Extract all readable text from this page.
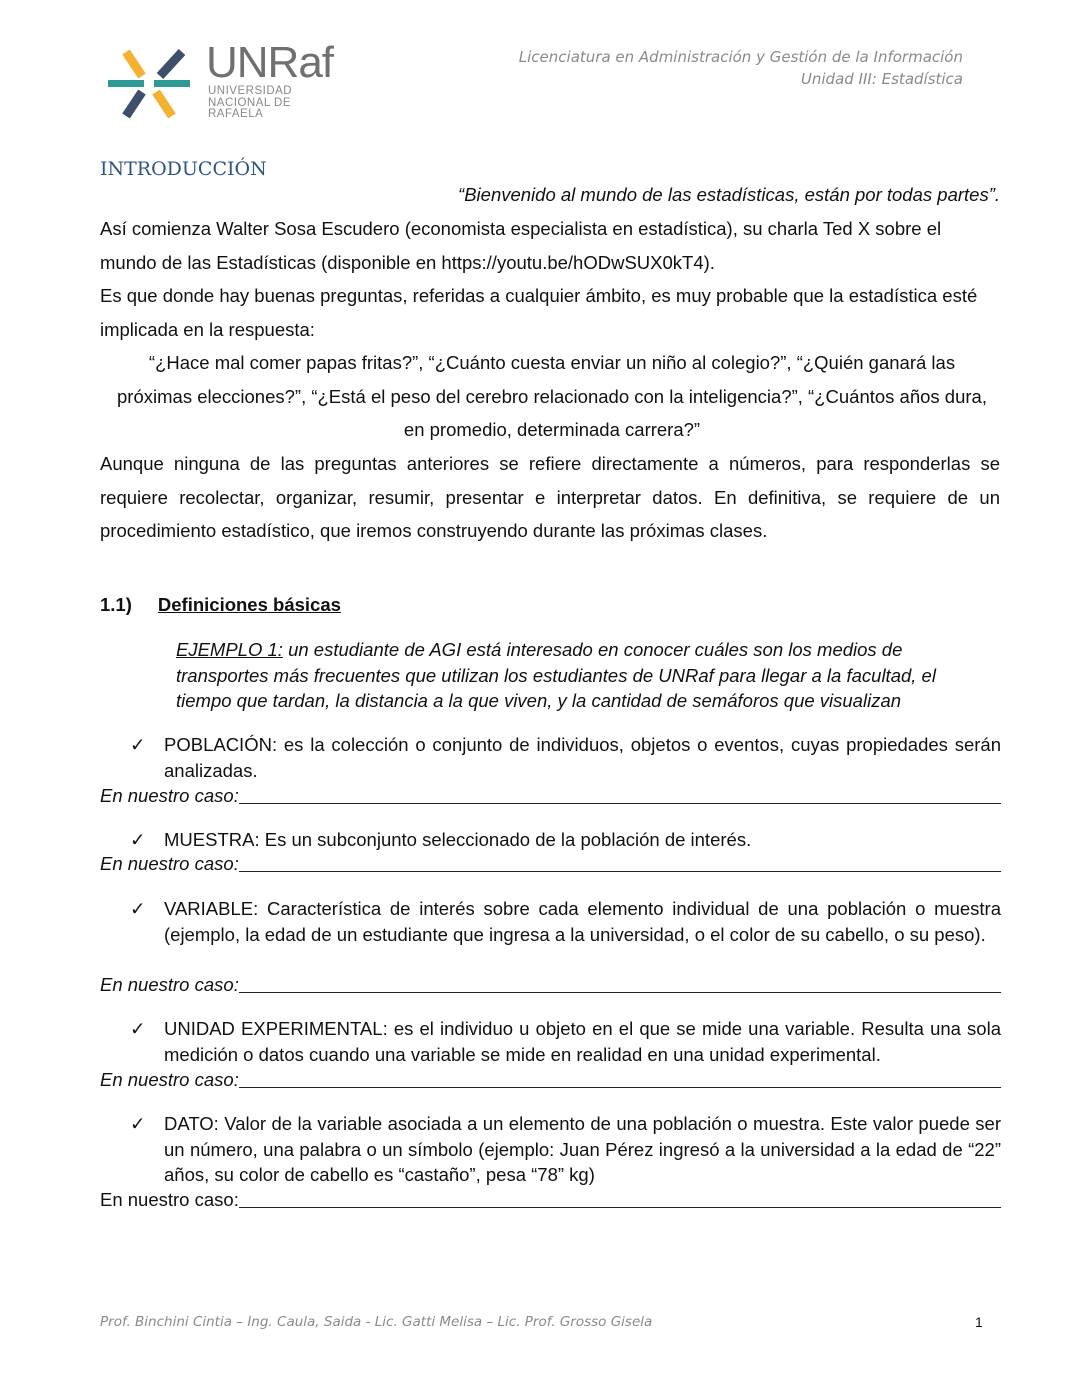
UNRaf
UNIVERSIDAD
NACIONAL DE
RAFAELA
Licenciatura en Administración y Gestión de la Información
Unidad III: Estadística
INTRODUCCIÓN
“Bienvenido al mundo de las estadísticas, están por todas partes”.
Así comienza Walter Sosa Escudero (economista especialista en estadística), su charla Ted X sobre el mundo de las Estadísticas (disponible en https://youtu.be/hODwSUX0kT4).
Es que donde hay buenas preguntas, referidas a cualquier ámbito, es muy probable que la estadística esté implicada en la respuesta:
“¿Hace mal comer papas fritas?”, “¿Cuánto cuesta enviar un niño al colegio?”, “¿Quién ganará las próximas elecciones?”, “¿Está el peso del cerebro relacionado con la inteligencia?”, “¿Cuántos años dura, en promedio, determinada carrera?”
Aunque ninguna de las preguntas anteriores se refiere directamente a números, para responderlas se requiere recolectar, organizar, resumir, presentar e interpretar datos. En definitiva, se requiere de un procedimiento estadístico, que iremos construyendo durante las próximas clases.
1.1) Definiciones básicas
EJEMPLO 1: un estudiante de AGI está interesado en conocer cuáles son los medios de transportes más frecuentes que utilizan los estudiantes de UNRaf para llegar a la facultad, el tiempo que tardan, la distancia a la que viven, y la cantidad de semáforos que visualizan
✓ POBLACIÓN: es la colección o conjunto de individuos, objetos o eventos, cuyas propiedades serán analizadas.
En nuestro caso:
✓ MUESTRA: Es un subconjunto seleccionado de la población de interés.
En nuestro caso:
✓ VARIABLE: Característica de interés sobre cada elemento individual de una población o muestra (ejemplo, la edad de un estudiante que ingresa a la universidad, o el color de su cabello, o su peso).
En nuestro caso:
✓ UNIDAD EXPERIMENTAL: es el individuo u objeto en el que se mide una variable. Resulta una sola medición o datos cuando una variable se mide en realidad en una unidad experimental.
En nuestro caso:
✓ DATO: Valor de la variable asociada a un elemento de una población o muestra. Este valor puede ser un número, una palabra o un símbolo (ejemplo: Juan Pérez ingresó a la universidad a la edad de “22” años, su color de cabello es “castaño”, pesa “78” kg)
En nuestro caso:
Prof. Binchini Cintia – Ing. Caula, Saida - Lic. Gatti Melisa – Lic. Prof. Grosso Gisela	1
